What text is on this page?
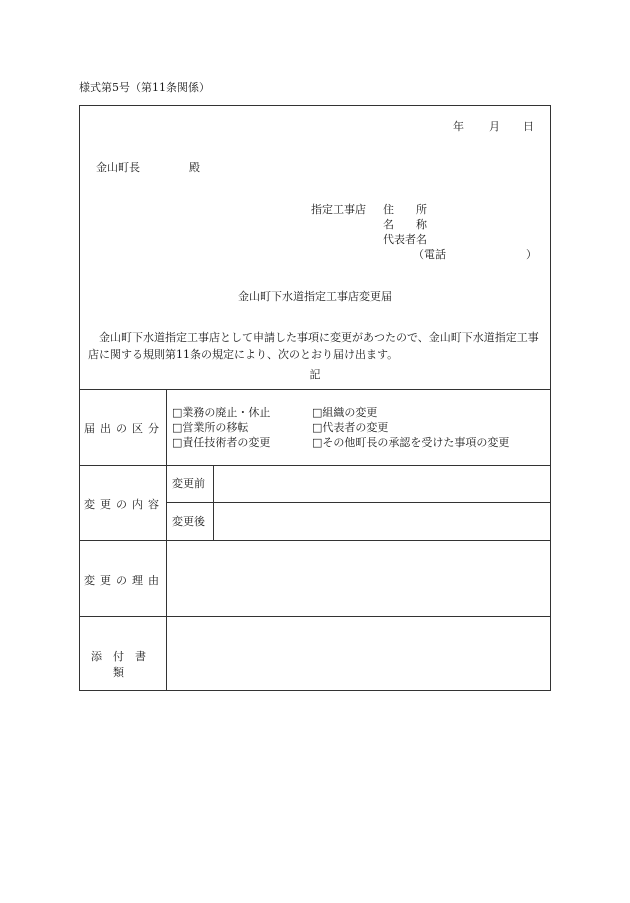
様式第5号（第11条関係）
年 月 日
金山町長	殿
指定工事店 住　　所
名　　称
代表者名
（電話	）
金山町下水道指定工事店変更届
金山町下水道指定工事店として申請した事項に変更があつたので、金山町下水道指定工事店に関する規則第11条の規定により、次のとおり届け出ます。
記
届出の区分
□業務の廃止・休止
□営業所の移転
□責任技術者の変更
□組織の変更
□代表者の変更
□その他町長の承認を受けた事項の変更
変更の内容
変更前
変更後
変更の理由
添付書類
